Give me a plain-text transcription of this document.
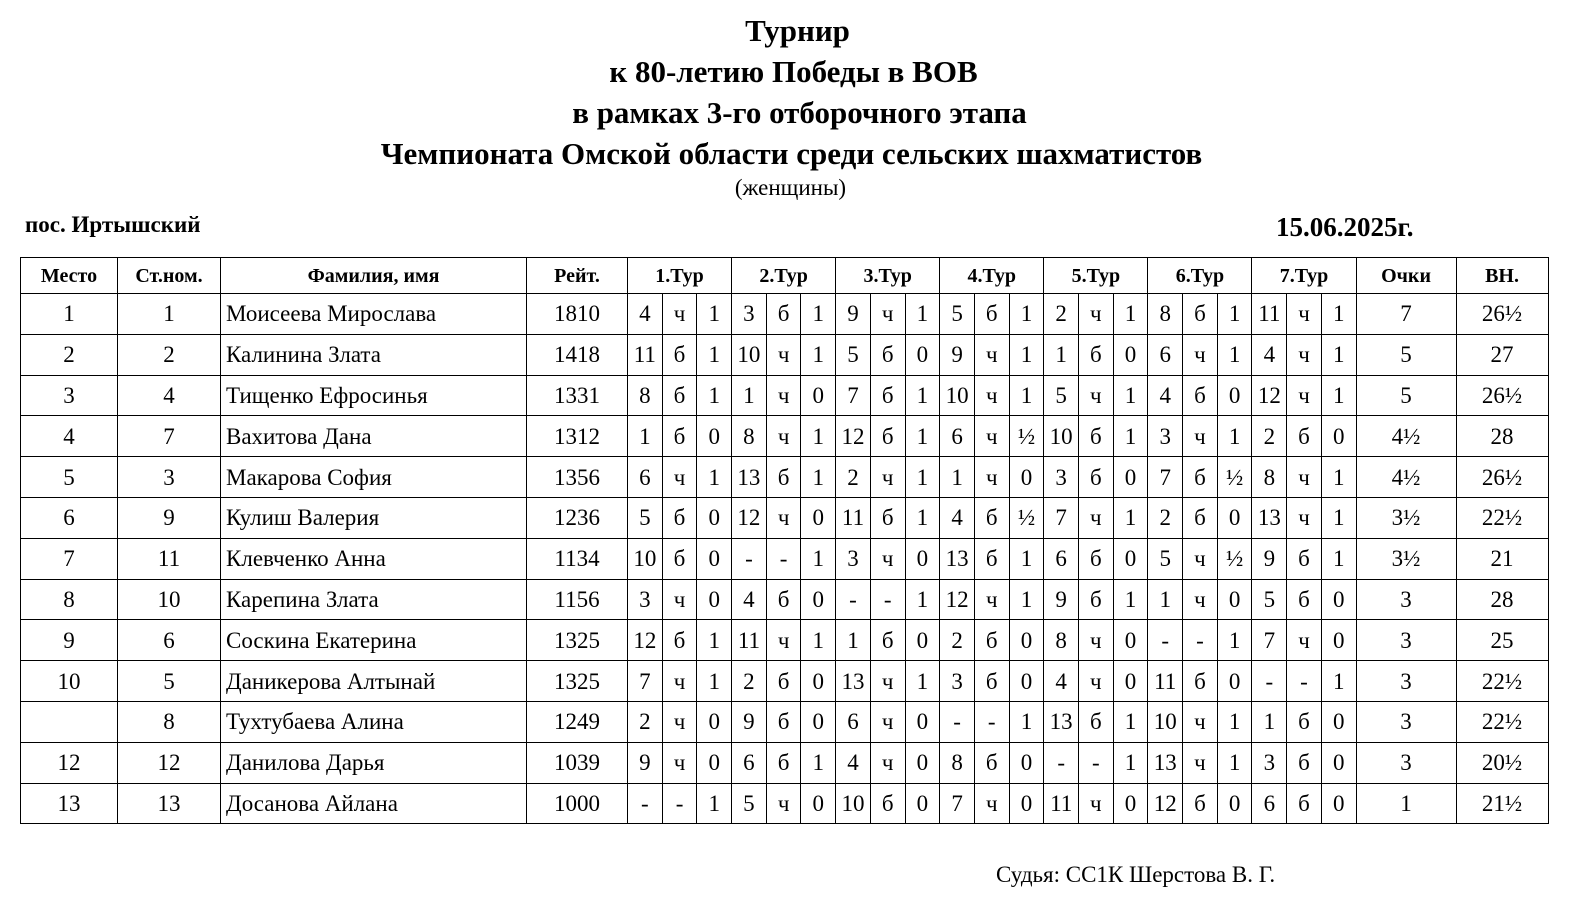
Турнир
к 80-летию Победы в ВОВ
в рамках 3-го отборочного этапа
Чемпионата Омской области среди сельских шахматистов
(женщины)
пос. Иртышский	15.06.2025г.
Место	Ст.ном.	Фамилия, имя	Рейт.	1.Тур			2.Тур			3.Тур			4.Тур			5.Тур			6.Тур			7.Тур			Очки	ВН.
1	1	Моисеева Мирослава	1810	4	ч	1	3	б	1	9	ч	1	5	б	1	2	ч	1	8	б	1	11	ч	1	7	26½
2	2	Калинина Злата	1418	11	б	1	10	ч	1	5	б	0	9	ч	1	1	б	0	6	ч	1	4	ч	1	5	27
3	4	Тищенко Ефросинья	1331	8	б	1	1	ч	0	7	б	1	10	ч	1	5	ч	1	4	б	0	12	ч	1	5	26½
4	7	Вахитова Дана	1312	1	б	0	8	ч	1	12	б	1	6	ч	½	10	б	1	3	ч	1	2	б	0	4½	28
5	3	Макарова София	1356	6	ч	1	13	б	1	2	ч	1	1	ч	0	3	б	0	7	б	½	8	ч	1	4½	26½
6	9	Кулиш Валерия	1236	5	б	0	12	ч	0	11	б	1	4	б	½	7	ч	1	2	б	0	13	ч	1	3½	22½
7	11	Клевченко Анна	1134	10	б	0	-	-	1	3	ч	0	13	б	1	6	б	0	5	ч	½	9	б	1	3½	21
8	10	Карепина Злата	1156	3	ч	0	4	б	0	-	-	1	12	ч	1	9	б	1	1	ч	0	5	б	0	3	28
9	6	Соскина Екатерина	1325	12	б	1	11	ч	1	1	б	0	2	б	0	8	ч	0	-	-	1	7	ч	0	3	25
10	5	Даникерова Алтынай	1325	7	ч	1	2	б	0	13	ч	1	3	б	0	4	ч	0	11	б	0	-	-	1	3	22½
	8	Тухтубаева Алина	1249	2	ч	0	9	б	0	6	ч	0	-	-	1	13	б	1	10	ч	1	1	б	0	3	22½
12	12	Данилова Дарья	1039	9	ч	0	6	б	1	4	ч	0	8	б	0	-	-	1	13	ч	1	3	б	0	3	20½
13	13	Досанова Айлана	1000	-	-	1	5	ч	0	10	б	0	7	ч	0	11	ч	0	12	б	0	6	б	0	1	21½
Судья: СС1К Шерстова В. Г.
